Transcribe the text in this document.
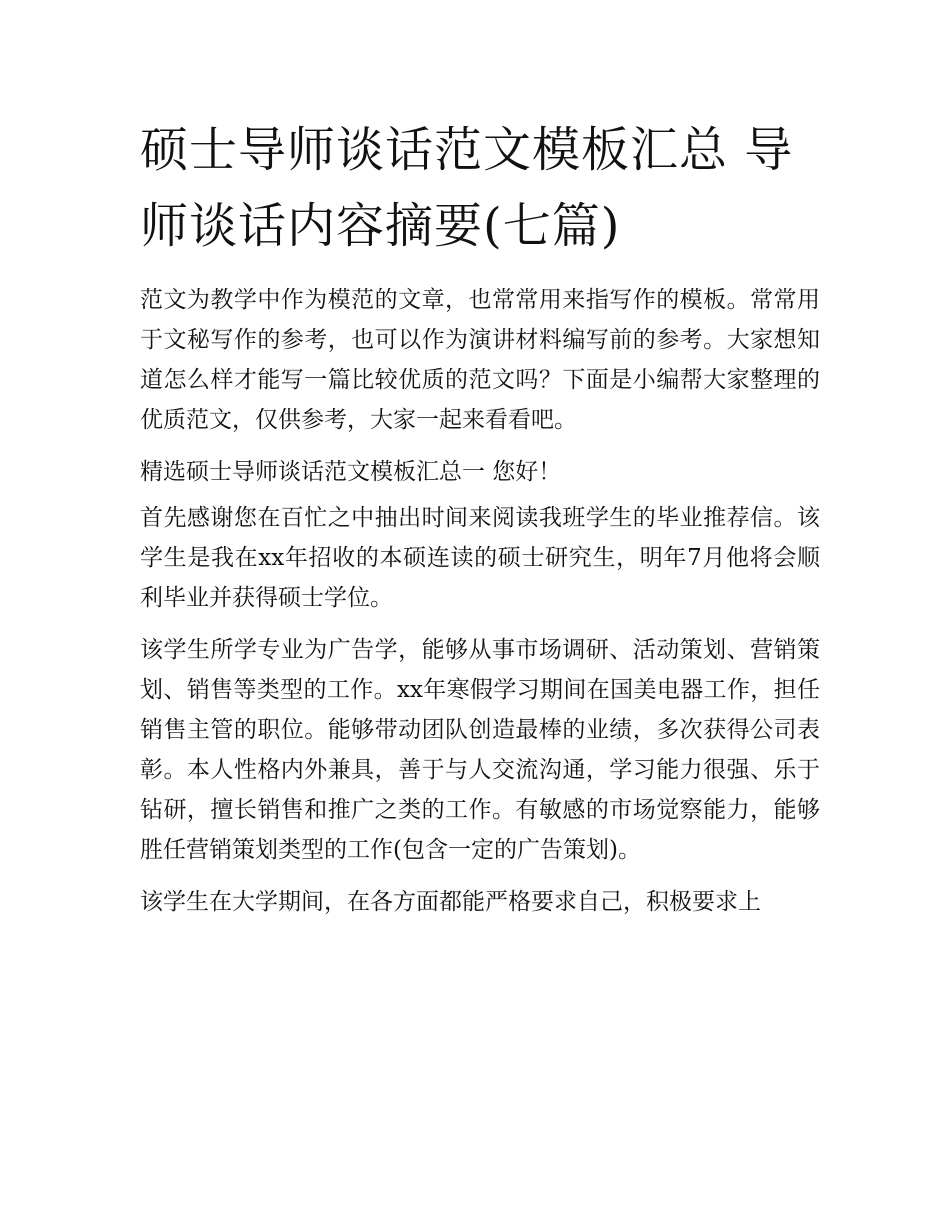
硕士导师谈话范文模板汇总 导师谈话内容摘要(七篇)

范文为教学中作为模范的文章，也常常用来指写作的模板。常常用于文秘写作的参考，也可以作为演讲材料编写前的参考。大家想知道怎么样才能写一篇比较优质的范文吗？下面是小编帮大家整理的优质范文，仅供参考，大家一起来看看吧。

精选硕士导师谈话范文模板汇总一 您好！

首先感谢您在百忙之中抽出时间来阅读我班学生的毕业推荐信。该学生是我在xx年招收的本硕连读的硕士研究生，明年7月他将会顺利毕业并获得硕士学位。

该学生所学专业为广告学，能够从事市场调研、活动策划、营销策划、销售等类型的工作。xx年寒假学习期间在国美电器工作，担任销售主管的职位。能够带动团队创造最棒的业绩，多次获得公司表彰。本人性格内外兼具，善于与人交流沟通，学习能力很强、乐于钻研，擅长销售和推广之类的工作。有敏感的市场觉察能力，能够胜任营销策划类型的工作(包含一定的广告策划)。

该学生在大学期间，在各方面都能严格要求自己，积极要求上
